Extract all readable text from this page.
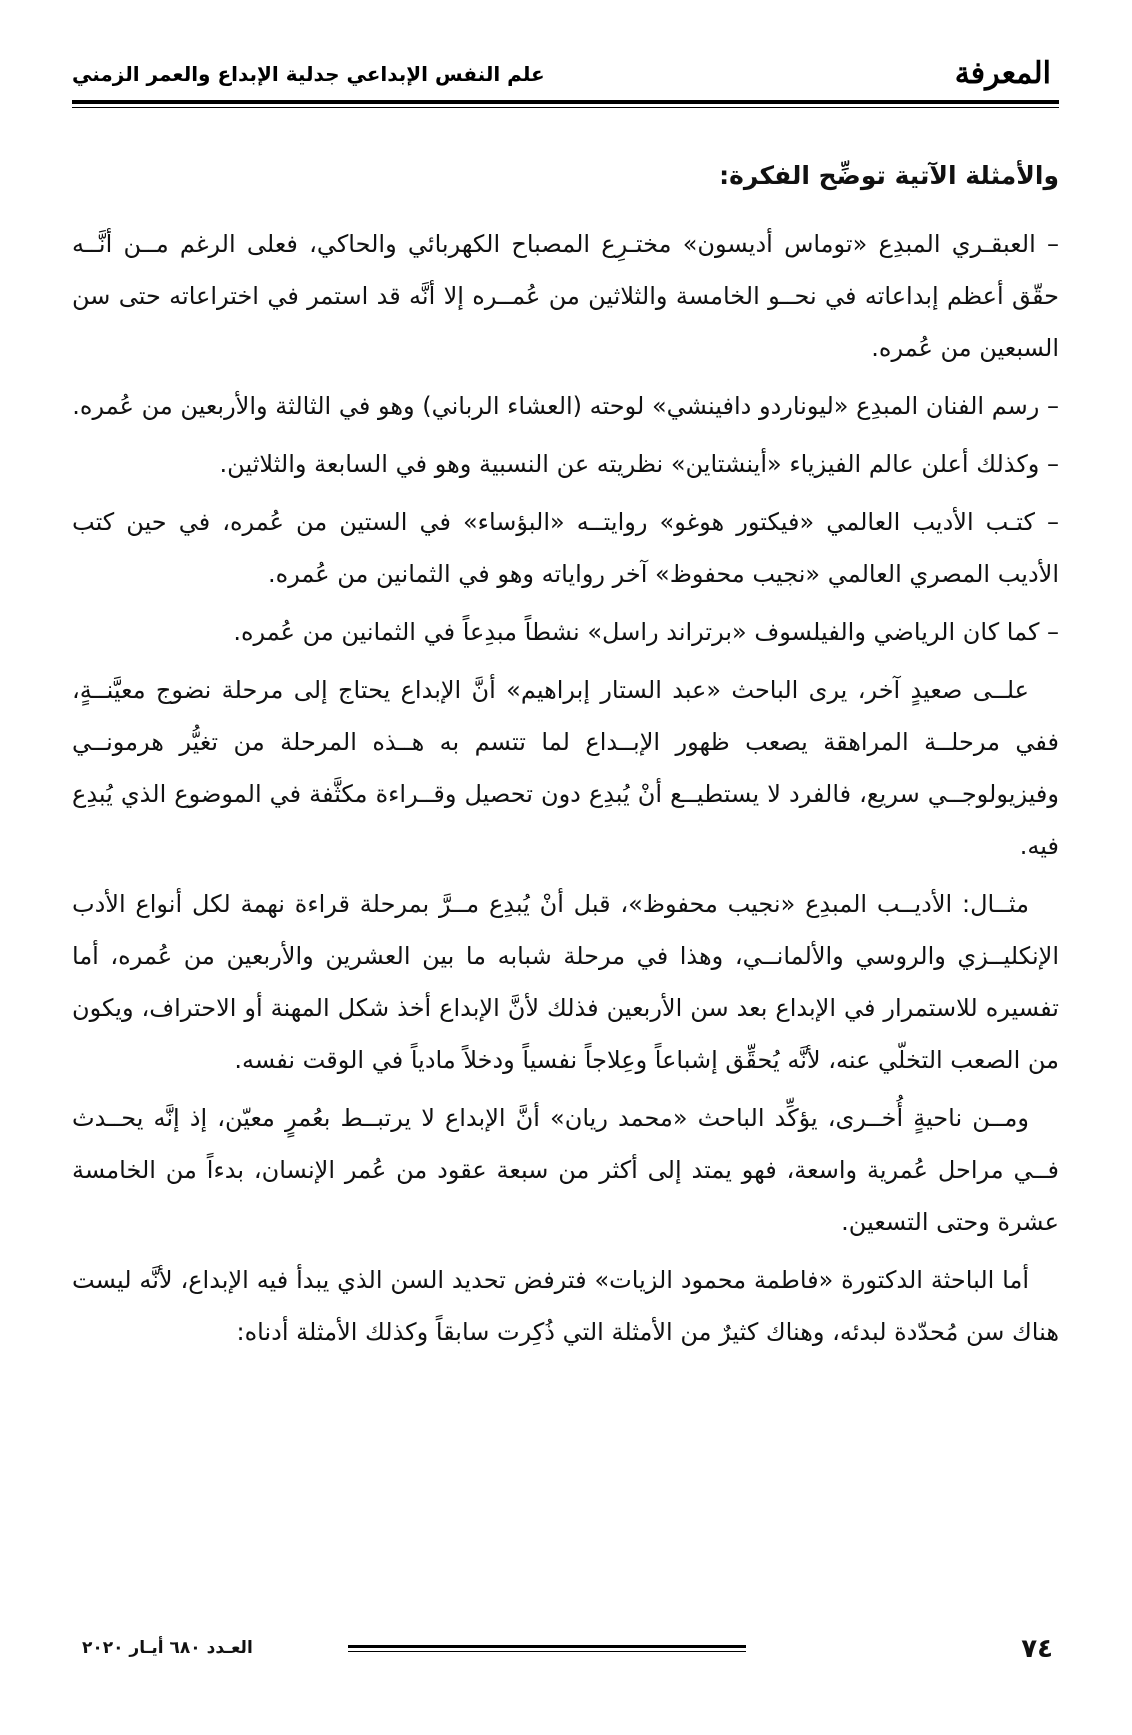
المعرفة
علم النفس الإبداعي جدلية الإبداع والعمر الزمني

والأمثلة الآتية توضِّح الفكرة:

– العبقـري المبدِع «توماس أديسون» مختـرِع المصباح الكهربائي والحاكي، فعلى الرغم مــن أنَّــه حقّق أعظم إبداعاته في نحــو الخامسة والثلاثين من عُمــره إلا أنَّه قد استمر في اختراعاته حتى سن السبعين من عُمره.

– رسم الفنان المبدِع «ليوناردو دافينشي» لوحته (العشاء الرباني) وهو في الثالثة والأربعين من عُمره.

– وكذلك أعلن عالم الفيزياء «أينشتاين» نظريته عن النسبية وهو في السابعة والثلاثين.

– كتـب الأديب العالمي «فيكتور هوغو» روايتــه «البؤساء» في الستين من عُمره، في حين كتب الأديب المصري العالمي «نجيب محفوظ» آخر رواياته وهو في الثمانين من عُمره.

– كما كان الرياضي والفيلسوف «برتراند راسل» نشطاً مبدِعاً في الثمانين من عُمره.

علــى صعيدٍ آخر، يرى الباحث «عبد الستار إبراهيم» أنَّ الإبداع يحتاج إلى مرحلة نضوج معيَّنــةٍ، ففي مرحلــة المراهقة يصعب ظهور الإبــداع لما تتسم به هــذه المرحلة من تغيُّر هرمونــي وفيزيولوجــي سريع، فالفرد لا يستطيــع أنْ يُبدِع دون تحصيل وقــراءة مكثَّفة في الموضوع الذي يُبدِع فيه.

مثــال: الأديــب المبدِع «نجيب محفوظ»، قبل أنْ يُبدِع مــرَّ بمرحلة قراءة نهمة لكل أنواع الأدب الإنكليــزي والروسي والألمانــي، وهذا في مرحلة شبابه ما بين العشرين والأربعين من عُمره، أما تفسيره للاستمرار في الإبداع بعد سن الأربعين فذلك لأنَّ الإبداع أخذ شكل المهنة أو الاحتراف، ويكون من الصعب التخلّي عنه، لأنَّه يُحقِّق إشباعاً وعِلاجاً نفسياً ودخلاً مادياً في الوقت نفسه.

ومــن ناحيةٍ أُخــرى، يؤكِّد الباحث «محمد ريان» أنَّ الإبداع لا يرتبــط بعُمرٍ معيّن، إذ إنَّه يحــدث فــي مراحل عُمرية واسعة، فهو يمتد إلى أكثر من سبعة عقود من عُمر الإنسان، بدءاً من الخامسة عشرة وحتى التسعين.

أما الباحثة الدكتورة «فاطمة محمود الزيات» فترفض تحديد السن الذي يبدأ فيه الإبداع، لأنَّه ليست هناك سن مُحدّدة لبدئه، وهناك كثيرٌ من الأمثلة التي ذُكِرت سابقاً وكذلك الأمثلة أدناه:

٧٤
العـدد ٦٨٠ أيـار ٢٠٢٠
